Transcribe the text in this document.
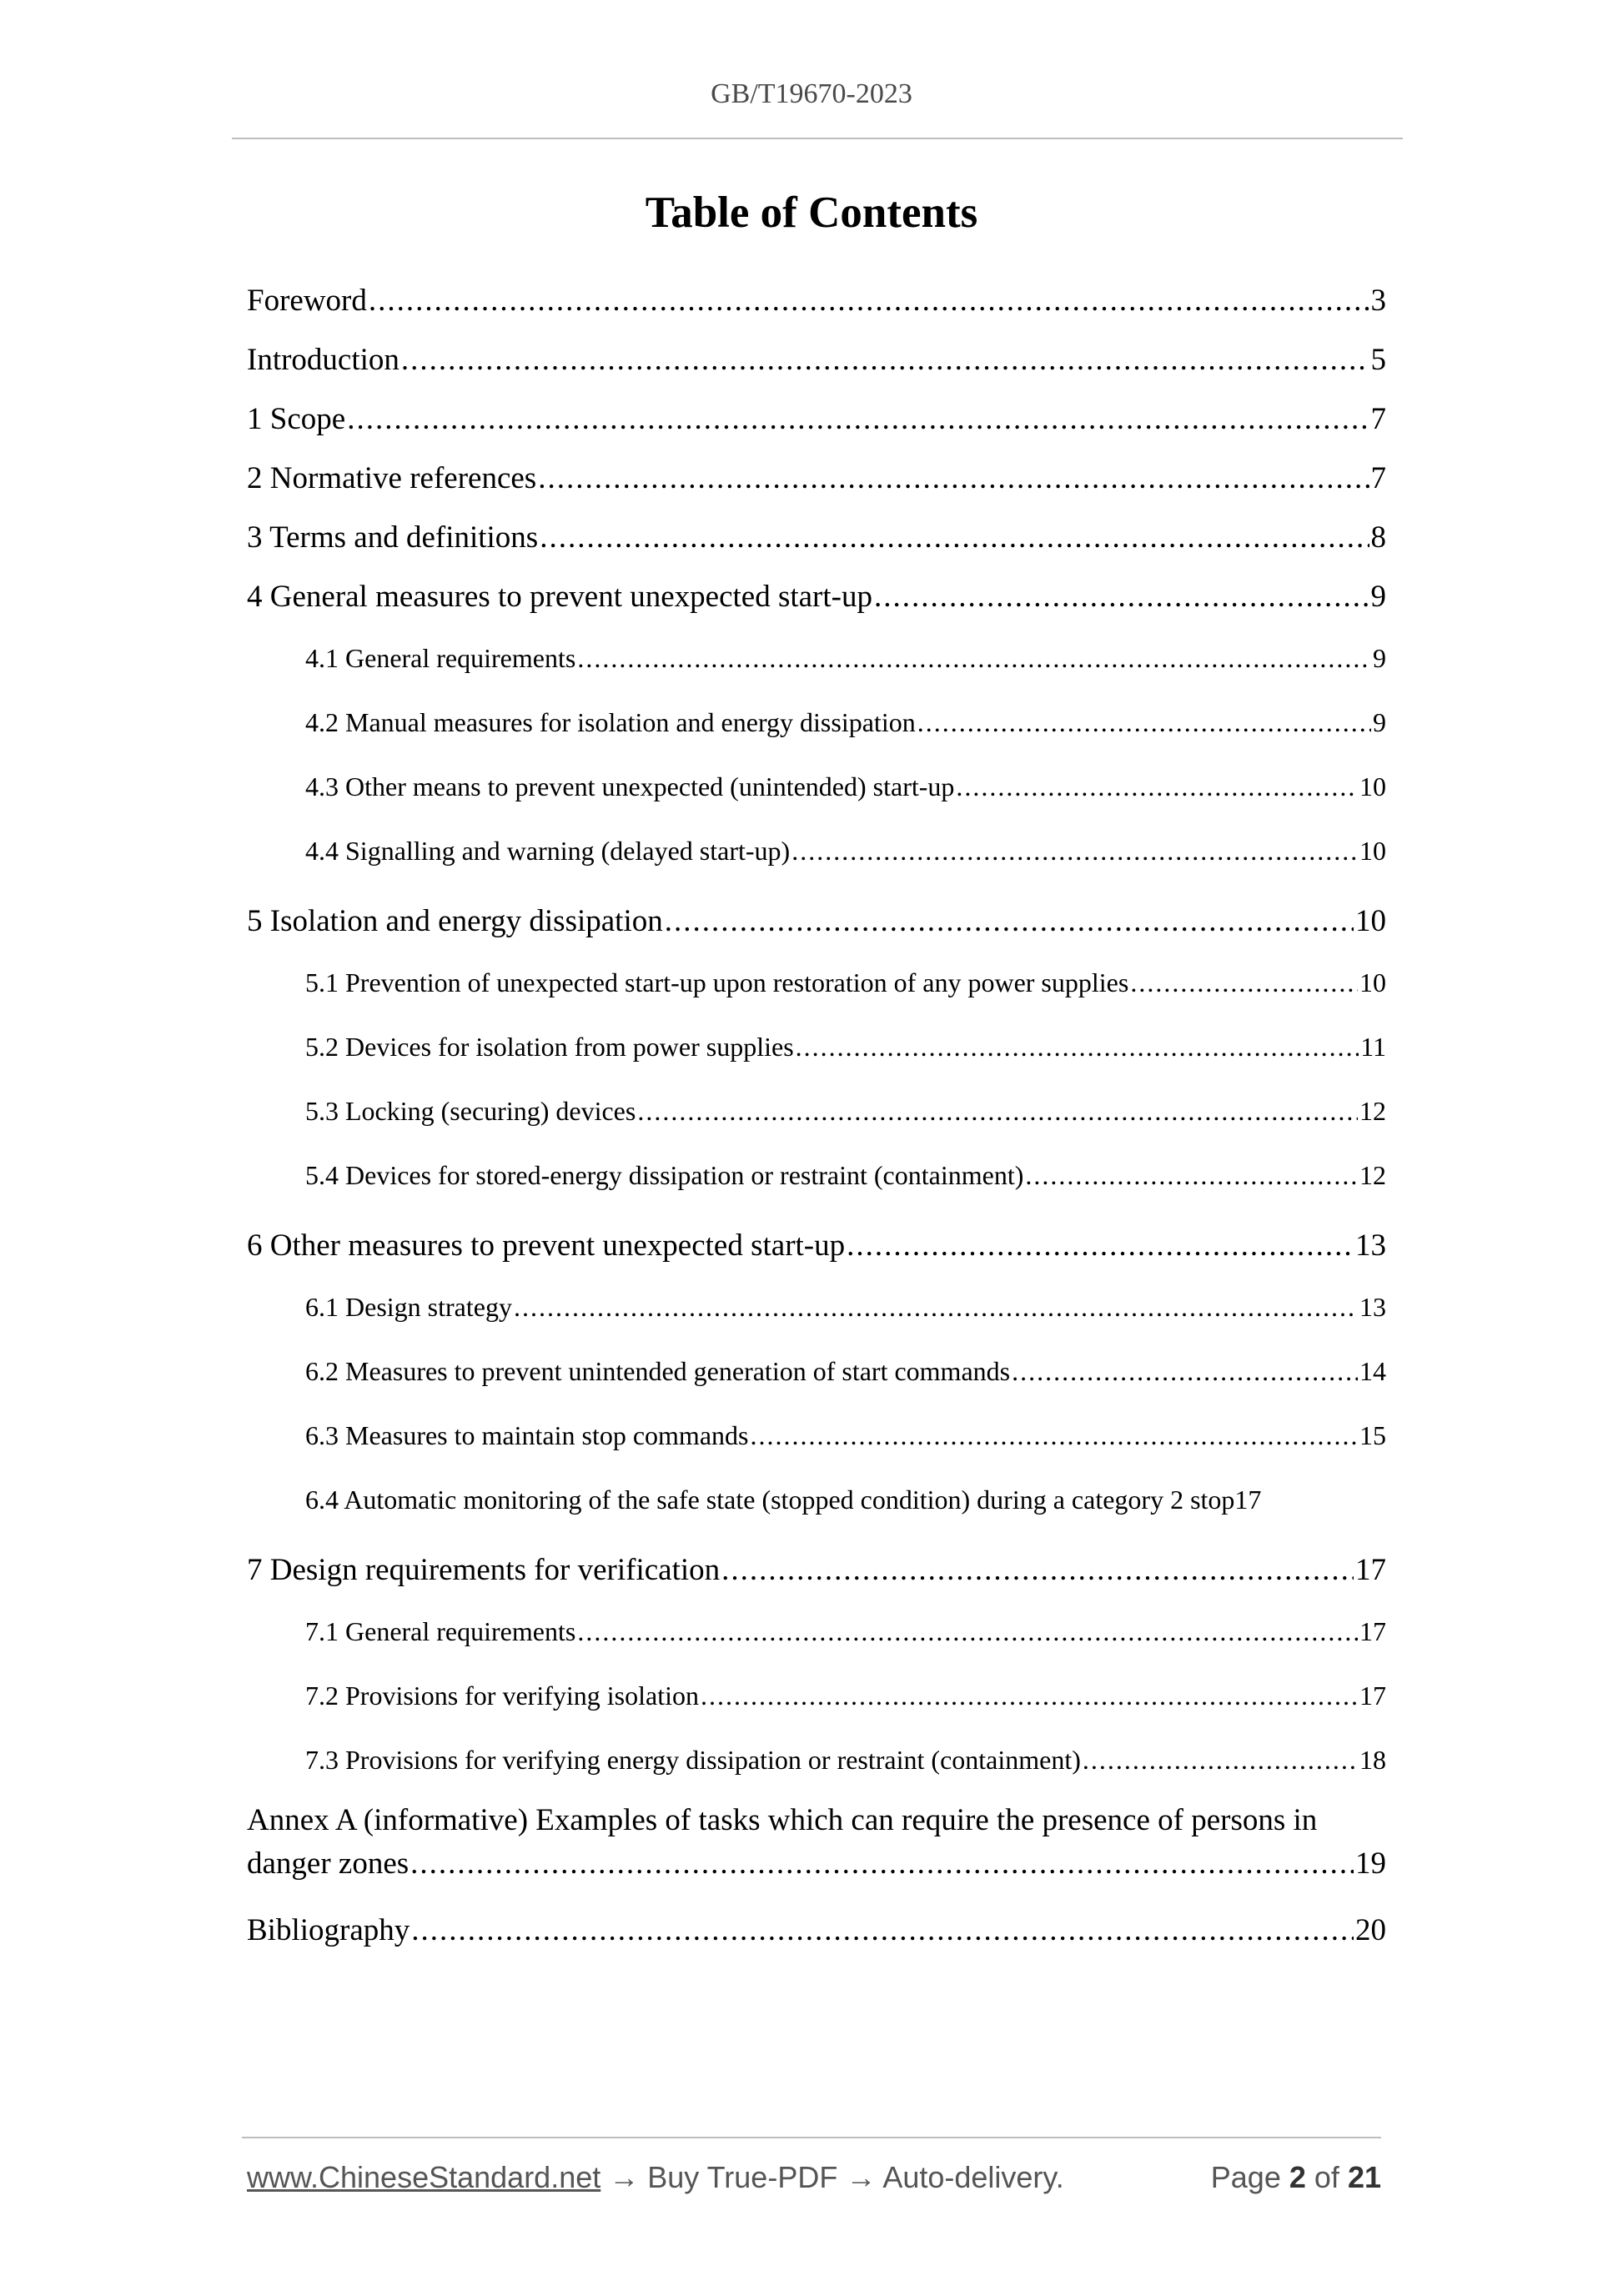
GB/T19670-2023
Table of Contents
Foreword .....	3
Introduction .....	5
1 Scope .....	7
2 Normative references .....	7
3 Terms and definitions .....	8
4 General measures to prevent unexpected start-up .....	9
4.1 General requirements .....	9
4.2 Manual measures for isolation and energy dissipation .....	9
4.3 Other means to prevent unexpected (unintended) start-up .....	10
4.4 Signalling and warning (delayed start-up) .....	10
5 Isolation and energy dissipation .....	10
5.1 Prevention of unexpected start-up upon restoration of any power supplies .....	10
5.2 Devices for isolation from power supplies .....	11
5.3 Locking (securing) devices .....	12
5.4 Devices for stored-energy dissipation or restraint (containment) .....	12
6 Other measures to prevent unexpected start-up .....	13
6.1 Design strategy .....	13
6.2 Measures to prevent unintended generation of start commands .....	14
6.3 Measures to maintain stop commands .....	15
6.4 Automatic monitoring of the safe state (stopped condition) during a category 2 stop 17
7 Design requirements for verification .....	17
7.1 General requirements .....	17
7.2 Provisions for verifying isolation .....	17
7.3 Provisions for verifying energy dissipation or restraint (containment) .....	18
Annex A (informative) Examples of tasks which can require the presence of persons in
danger zones .....	19
Bibliography .....	20
www.ChineseStandard.net → Buy True-PDF → Auto-delivery.	Page 2 of 21
